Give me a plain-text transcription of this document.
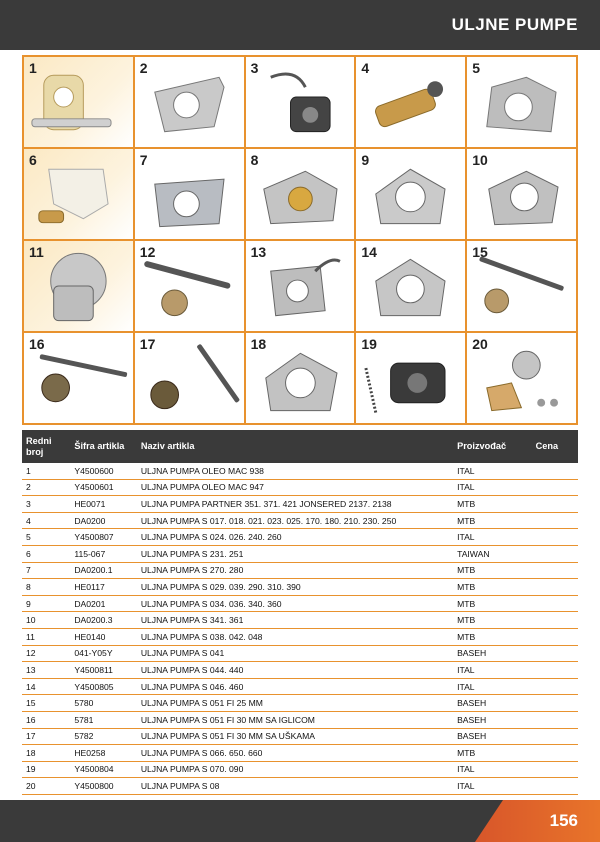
ULJNE PUMPE
1	2	3	4	5
6	7	8	9	10
11	12	13	14	15
16	17	18	19	20
Redni broj	Šifra artikla	Naziv artikla	Proizvođač	Cena
1	Y4500600	ULJNA PUMPA OLEO MAC 938	ITAL	
2	Y4500601	ULJNA PUMPA OLEO MAC 947	ITAL	
3	HE0071	ULJNA PUMPA PARTNER 351. 371. 421 JONSERED 2137. 2138	MTB	
4	DA0200	ULJNA PUMPA S 017. 018. 021. 023. 025. 170. 180. 210. 230. 250	MTB	
5	Y4500807	ULJNA PUMPA S 024. 026. 240. 260	ITAL	
6	115-067	ULJNA PUMPA S 231. 251	TAIWAN	
7	DA0200.1	ULJNA PUMPA S 270. 280	MTB	
8	HE0117	ULJNA PUMPA S 029. 039. 290. 310. 390	MTB	
9	DA0201	ULJNA PUMPA S 034. 036. 340. 360	MTB	
10	DA0200.3	ULJNA PUMPA S 341. 361	MTB	
11	HE0140	ULJNA PUMPA S 038. 042. 048	MTB	
12	041-Y05Y	ULJNA PUMPA S 041	BASEH	
13	Y4500811	ULJNA PUMPA S 044. 440	ITAL	
14	Y4500805	ULJNA PUMPA S 046. 460	ITAL	
15	5780	ULJNA PUMPA S 051 FI 25 MM	BASEH	
16	5781	ULJNA PUMPA S 051 FI 30 MM SA IGLICOM	BASEH	
17	5782	ULJNA PUMPA S 051 FI 30 MM SA UŠKAMA	BASEH	
18	HE0258	ULJNA PUMPA S 066. 650. 660	MTB	
19	Y4500804	ULJNA PUMPA S 070. 090	ITAL	
20	Y4500800	ULJNA PUMPA S 08	ITAL	
156
